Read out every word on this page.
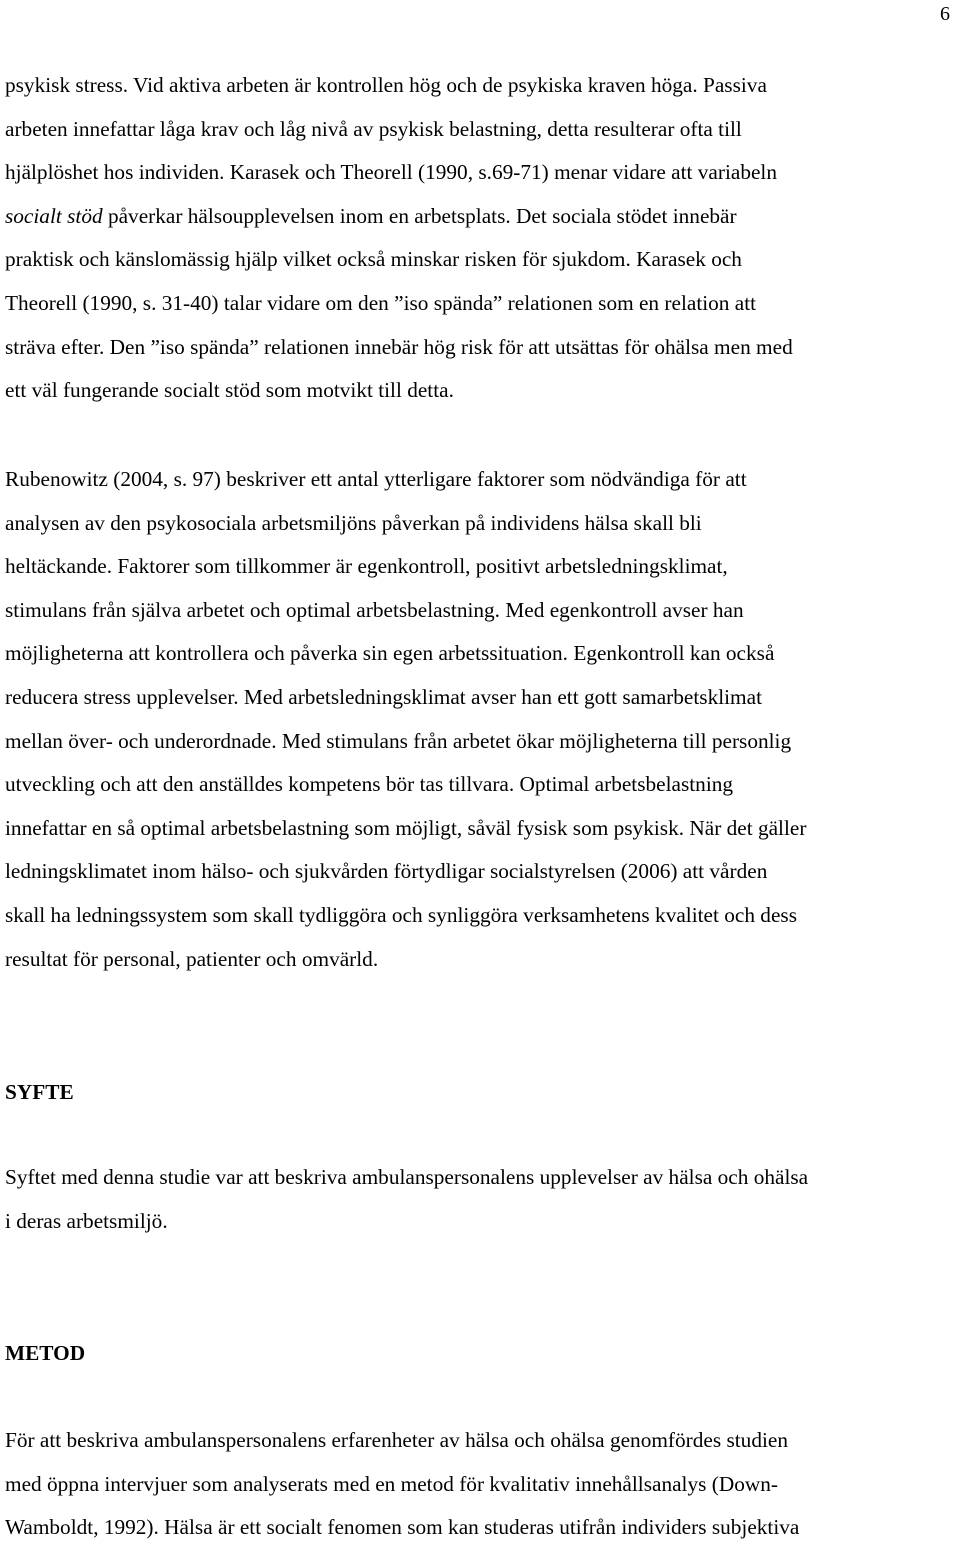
6
psykisk stress. Vid aktiva arbeten är kontrollen hög och de psykiska kraven höga. Passiva
arbeten innefattar låga krav och låg nivå av psykisk belastning, detta resulterar ofta till
hjälplöshet hos individen. Karasek och Theorell (1990, s.69-71) menar vidare att variabeln
socialt stöd påverkar hälsoupplevelsen inom en arbetsplats. Det sociala stödet innebär
praktisk och känslomässig hjälp vilket också minskar risken för sjukdom. Karasek och
Theorell (1990, s. 31-40) talar vidare om den ”iso spända” relationen som en relation att
sträva efter. Den ”iso spända” relationen innebär hög risk för att utsättas för ohälsa men med
ett väl fungerande socialt stöd som motvikt till detta.
Rubenowitz (2004, s. 97) beskriver ett antal ytterligare faktorer som nödvändiga för att
analysen av den psykosociala arbetsmiljöns påverkan på individens hälsa skall bli
heltäckande. Faktorer som tillkommer är egenkontroll, positivt arbetsledningsklimat,
stimulans från själva arbetet och optimal arbetsbelastning. Med egenkontroll avser han
möjligheterna att kontrollera och påverka sin egen arbetssituation. Egenkontroll kan också
reducera stress upplevelser. Med arbetsledningsklimat avser han ett gott samarbetsklimat
mellan över- och underordnade. Med stimulans från arbetet ökar möjligheterna till personlig
utveckling och att den anställdes kompetens bör tas tillvara. Optimal arbetsbelastning
innefattar en så optimal arbetsbelastning som möjligt, såväl fysisk som psykisk. När det gäller
ledningsklimatet inom hälso- och sjukvården förtydligar socialstyrelsen (2006) att vården
skall ha ledningssystem som skall tydliggöra och synliggöra verksamhetens kvalitet och dess
resultat för personal, patienter och omvärld.
SYFTE
Syftet med denna studie var att beskriva ambulanspersonalens upplevelser av hälsa och ohälsa
i deras arbetsmiljö.
METOD
För att beskriva ambulanspersonalens erfarenheter av hälsa och ohälsa genomfördes studien
med öppna intervjuer som analyserats med en metod för kvalitativ innehållsanalys (Down-
Wamboldt, 1992). Hälsa är ett socialt fenomen som kan studeras utifrån individers subjektiva
